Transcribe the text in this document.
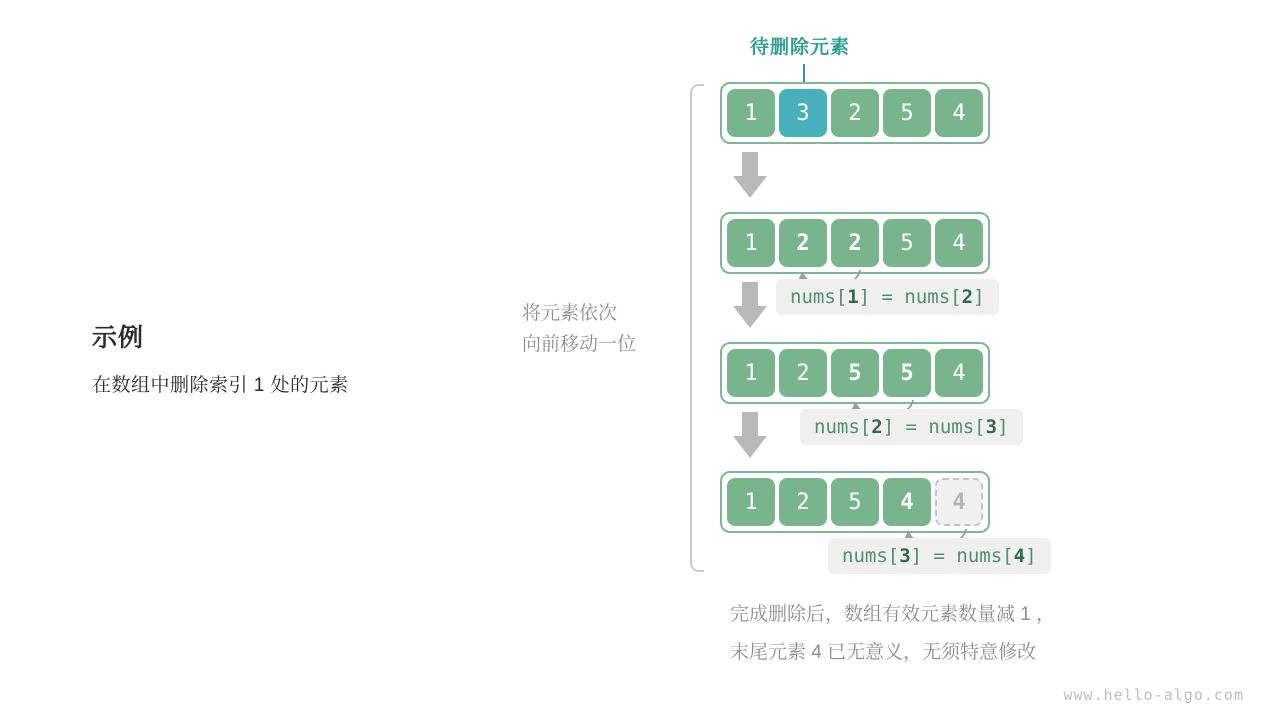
示例
在数组中删除索引 1 处的元素
将元素依次
向前移动一位
待删除元素
1	3	2	5	4
1	2	2	5	4
nums[1] = nums[2]
1	2	5	5	4
nums[2] = nums[3]
1	2	5	4	4
nums[3] = nums[4]
完成删除后，数组有效元素数量减 1 ，
末尾元素 4 已无意义，无须特意修改
www.hello-algo.com
